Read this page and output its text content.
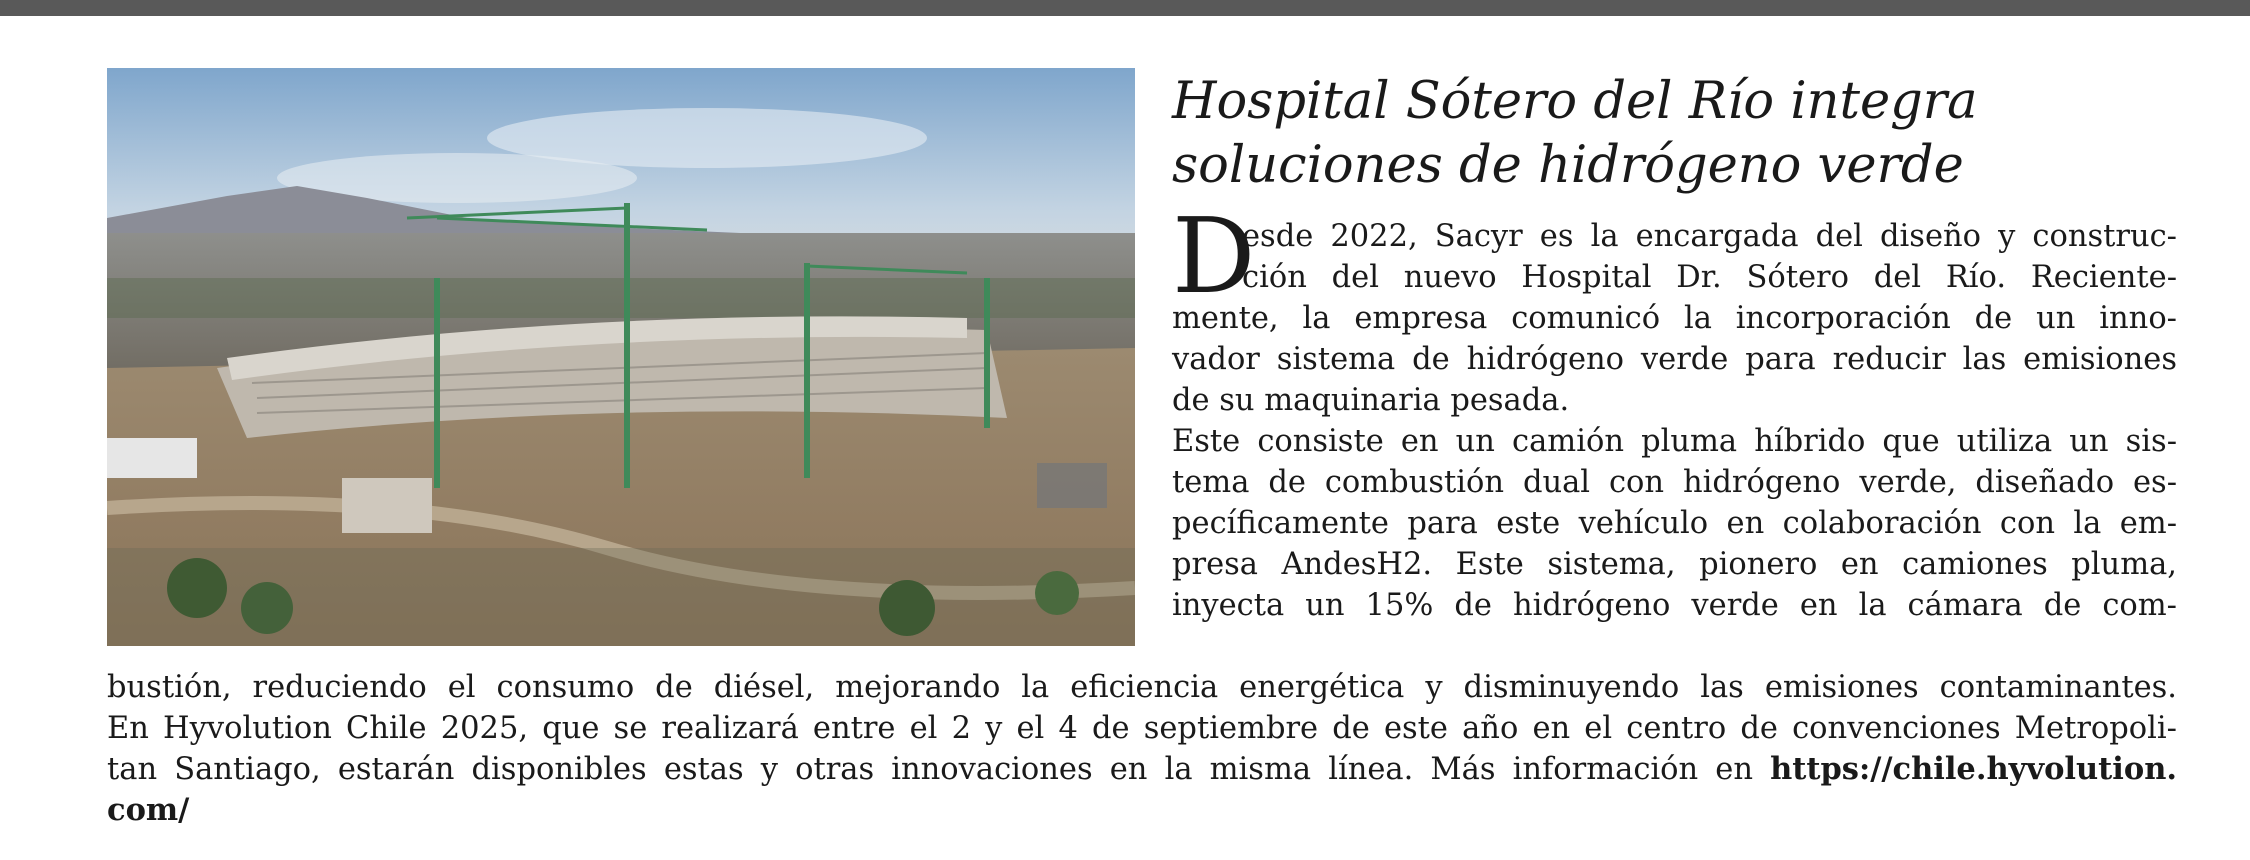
Hospital Sótero del Río integra
soluciones de hidrógeno verde
D
esde 2022, Sacyr es la encargada del diseño y construc-
ción del nuevo Hospital Dr. Sótero del Río. Reciente-
mente, la empresa comunicó la incorporación de un inno-
vador sistema de hidrógeno verde para reducir las emisiones
de su maquinaria pesada.
Este consiste en un camión pluma híbrido que utiliza un sis-
tema de combustión dual con hidrógeno verde, diseñado es-
pecíficamente para este vehículo en colaboración con la em-
presa AndesH2. Este sistema, pionero en camiones pluma,
inyecta un 15% de hidrógeno verde en la cámara de com-
bustión, reduciendo el consumo de diésel, mejorando la eficiencia energética y disminuyendo las emisiones contaminantes.
En Hyvolution Chile 2025, que se realizará entre el 2 y el 4 de septiembre de este año en el centro de convenciones Metropoli-
tan Santiago, estarán disponibles estas y otras innovaciones en la misma línea. Más información en https://chile.hyvolution.
com/
